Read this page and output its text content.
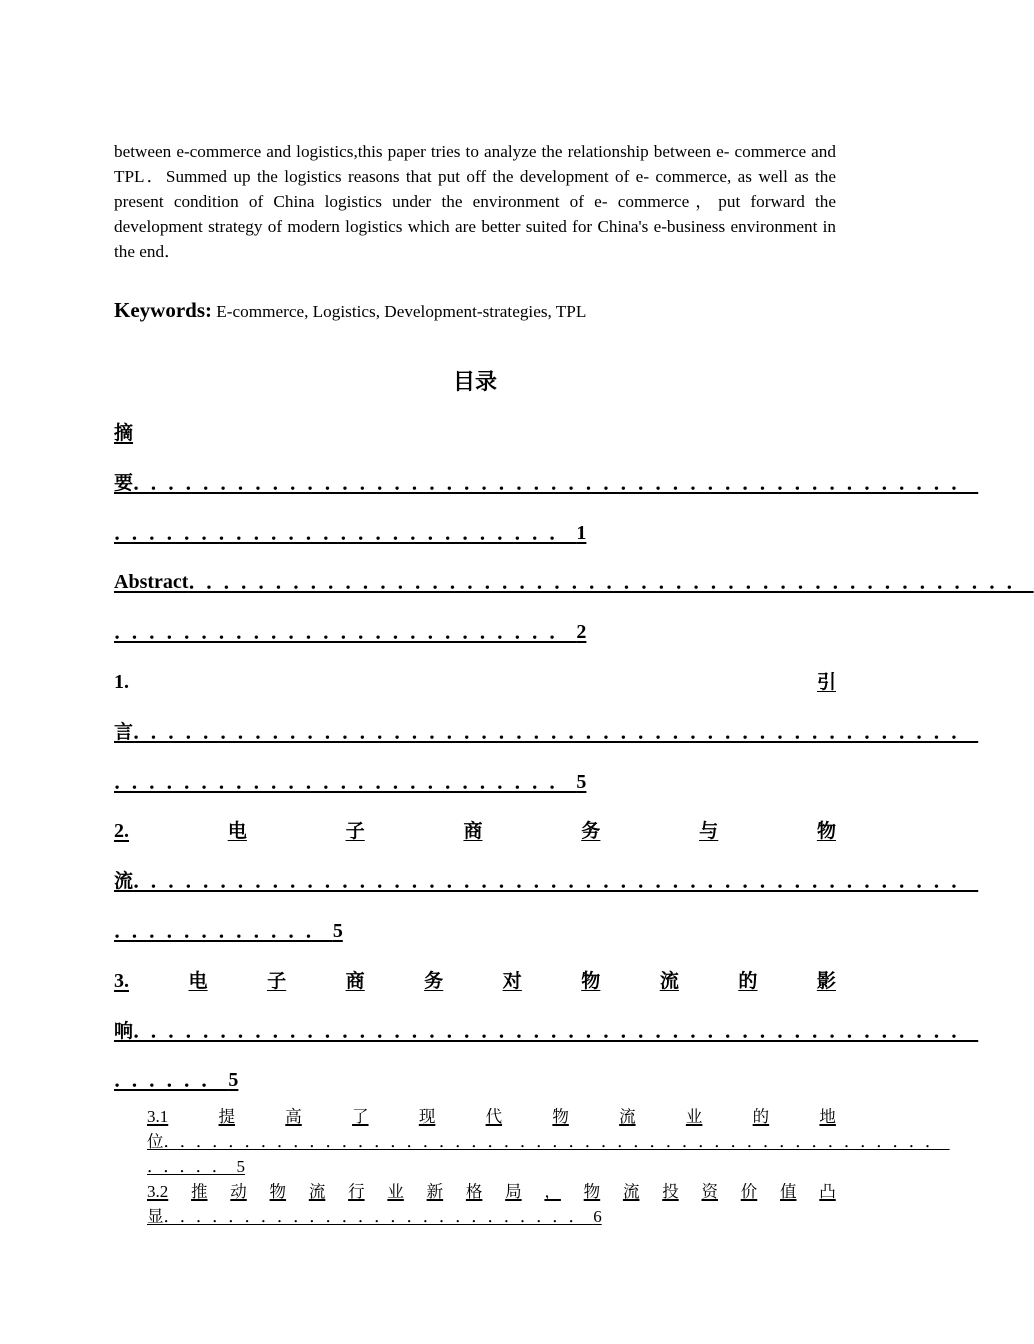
between e-commerce and logistics,this paper tries to analyze the relationship between e- commerce and TPL．Summed up the logistics reasons that put off the development of e- commerce, as well as the present condition of China logistics under the environment of e- commerce，put forward the development strategy of modern logistics which are better suited for China's e-business environment in the end．
Keywords: E-commerce, Logistics, Development-strategies, TPL
目录
摘
要．．．．．．．．．．．．．．．．．．．．．．．．．．．．．．．．．．．．．．．．．．．．．．．．
．．．．．．．．．．．．．．．．．．．．．．．．．．1
Abstract．．．．．．．．．．．．．．．．．．．．．．．．．．．．．．．．．．．．．．．．．．．．．．．．
．．．．．．．．．．．．．．．．．．．．．．．．．．2
1.	引
言．．．．．．．．．．．．．．．．．．．．．．．．．．．．．．．．．．．．．．．．．．．．．．．．
．．．．．．．．．．．．．．．．．．．．．．．．．．5
2.	电	子	商	务	与	物
流．．．．．．．．．．．．．．．．．．．．．．．．．．．．．．．．．．．．．．．．．．．．．．．．
．．．．．．．．．．．．5
3.	电	子	商	务	对	物	流	的	影
响．．．．．．．．．．．．．．．．．．．．．．．．．．．．．．．．．．．．．．．．．．．．．．．．
．．．．．．5
3.1	提	高	了	现	代	物	流	业	的	地
位．．．．．．．．．．．．．．．．．．．．．．．．．．．．．．．．．．．．．．．．．．．．．．．．
．．．．．5
3.2 推 动 物 流 行 业 新 格 局 ， 物 流 投 资 价 值 凸
显．．．．．．．．．．．．．．．．．．．．．．．．．．6
